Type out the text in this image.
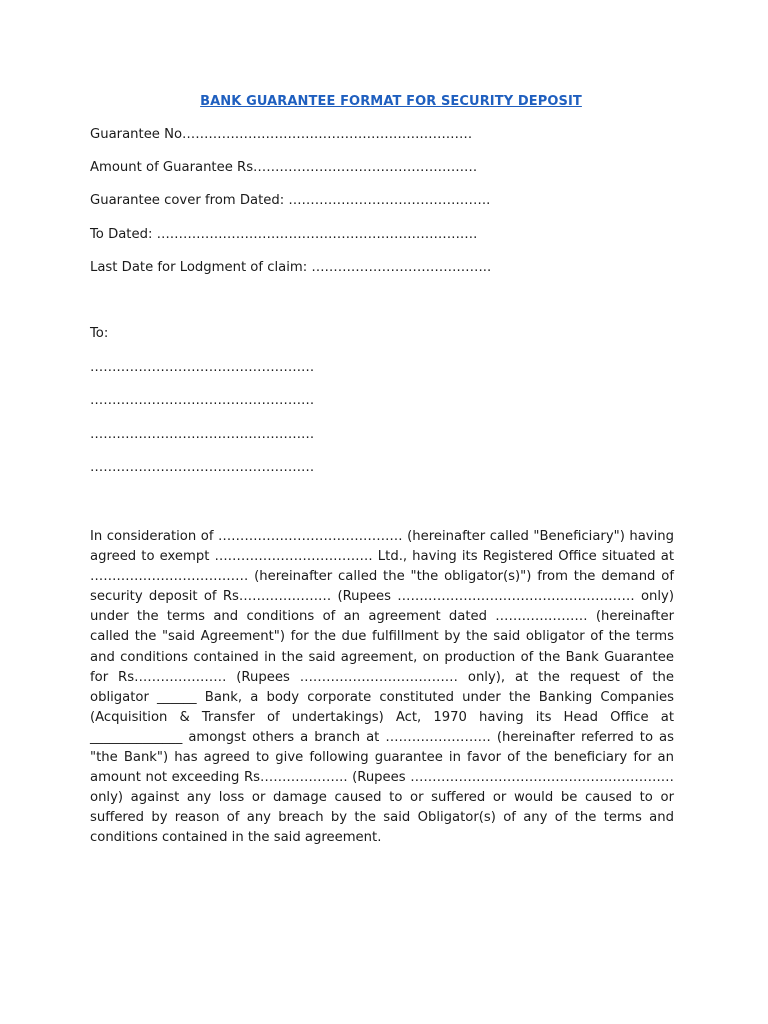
BANK GUARANTEE FORMAT FOR SECURITY DEPOSIT
Guarantee No…………………………………………………………
Amount of Guarantee Rs……………………………………………
Guarantee cover from Dated: ……………………………………….
To Dated: ……………………………………………………………….
Last Date for Lodgment of claim: …………………………………..
To:
……………………………………………
……………………………………………
……………………………………………
……………………………………………
In consideration of …………………………………… (hereinafter called "Beneficiary") having agreed to exempt ……………………………… Ltd., having its Registered Office situated at ……………………………… (hereinafter called the "the obligator(s)") from the demand of security deposit of Rs………………… (Rupees ……………………………………………… only) under the terms and conditions of an agreement dated ………………… (hereinafter called the "said Agreement") for the due fulfillment by the said obligator of the terms and conditions contained in the said agreement, on production of the Bank Guarantee for Rs………………… (Rupees ……………………………… only), at the request of the obligator ______ Bank, a body corporate constituted under the Banking Companies (Acquisition & Transfer of undertakings) Act, 1970 having its Head Office at ______________ amongst others a branch at …………………… (hereinafter referred to as "the Bank") has agreed to give following guarantee in favor of the beneficiary for an amount not exceeding Rs……………….. (Rupees …………………………………………………… only) against any loss or damage caused to or suffered or would be caused to or suffered by reason of any breach by the said Obligator(s) of any of the terms and conditions contained in the said agreement.
